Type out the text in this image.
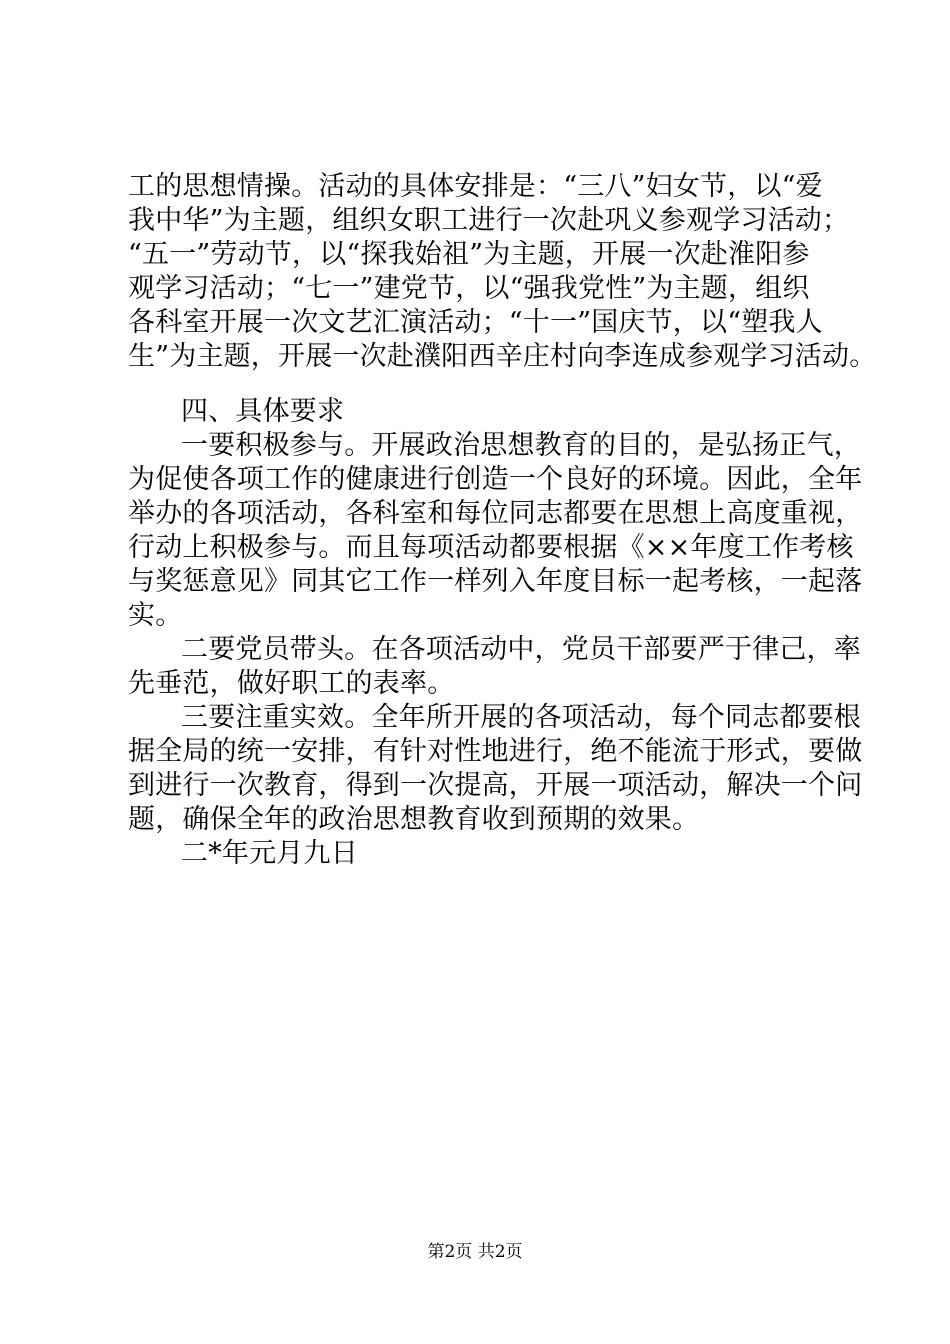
工的思想情操。活动的具体安排是：“三八”妇女节，以“爱
我中华”为主题，组织女职工进行一次赴巩义参观学习活动；
“五一”劳动节，以“探我始祖”为主题，开展一次赴淮阳参
观学习活动；“七一”建党节，以“强我党性”为主题，组织
各科室开展一次文艺汇演活动；“十一”国庆节，以“塑我人
生”为主题，开展一次赴濮阳西辛庄村向李连成参观学习活动。
四、具体要求
一要积极参与。开展政治思想教育的目的，是弘扬正气，
为促使各项工作的健康进行创造一个良好的环境。因此，全年
举办的各项活动，各科室和每位同志都要在思想上高度重视，
行动上积极参与。而且每项活动都要根据《××年度工作考核
与奖惩意见》同其它工作一样列入年度目标一起考核，一起落
实。
二要党员带头。在各项活动中，党员干部要严于律己，率
先垂范，做好职工的表率。
三要注重实效。全年所开展的各项活动，每个同志都要根
据全局的统一安排，有针对性地进行，绝不能流于形式，要做
到进行一次教育，得到一次提高，开展一项活动，解决一个问
题，确保全年的政治思想教育收到预期的效果。
二*年元月九日
第2页 共2页
